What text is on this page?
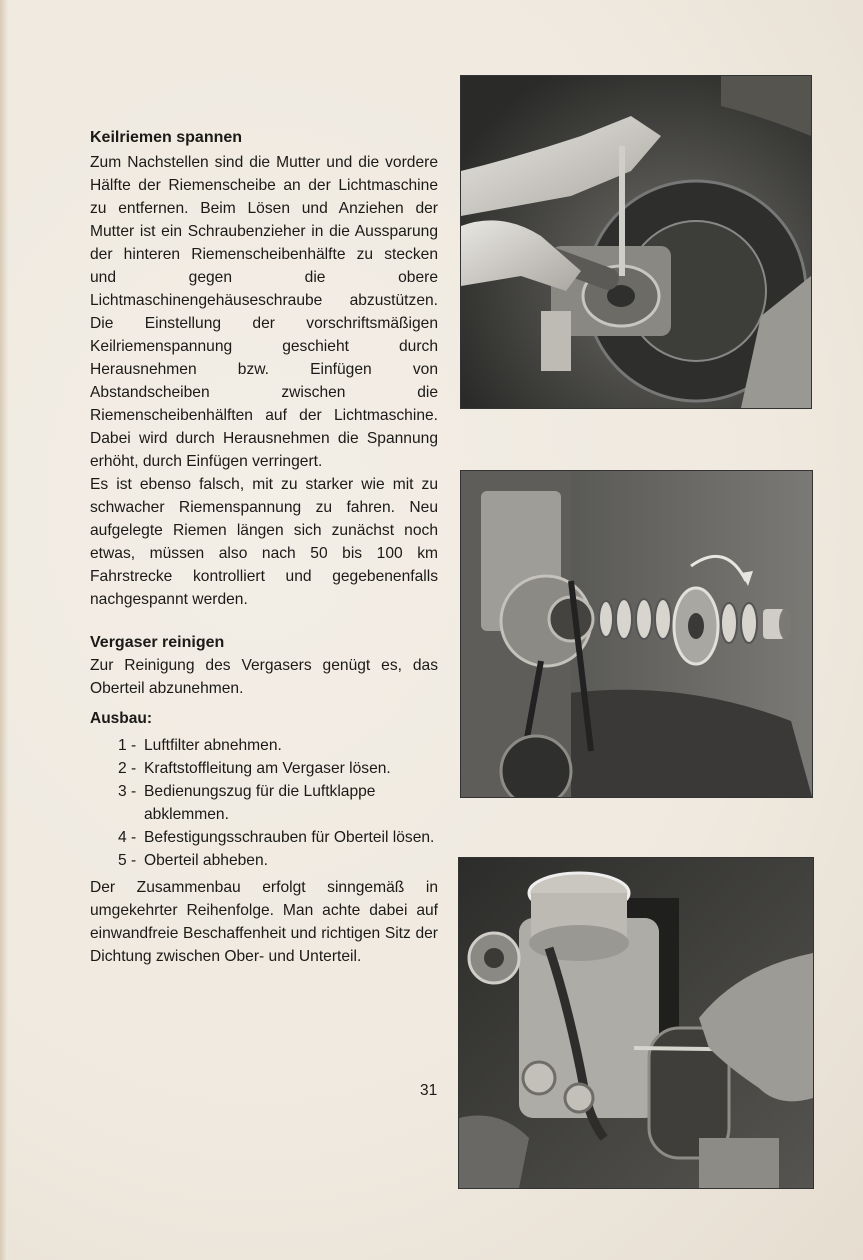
Keilriemen spannen

Zum Nachstellen sind die Mutter und die vordere Hälfte der Riemenscheibe an der Lichtmaschine zu entfernen. Beim Lösen und Anziehen der Mutter ist ein Schraubenzieher in die Aussparung der hinteren Riemenscheibenhälfte zu stecken und gegen die obere Lichtmaschinengehäuseschraube abzustützen. Die Einstellung der vorschriftsmäßigen Keilriemenspannung geschieht durch Herausnehmen bzw. Einfügen von Abstandscheiben zwischen die Riemenscheibenhälften auf der Lichtmaschine. Dabei wird durch Herausnehmen die Spannung erhöht, durch Einfügen verringert.

Es ist ebenso falsch, mit zu starker wie mit zu schwacher Riemenspannung zu fahren. Neu aufgelegte Riemen längen sich zunächst noch etwas, müssen also nach 50 bis 100 km Fahrstrecke kontrolliert und gegebenenfalls nachgespannt werden.

Vergaser reinigen

Zur Reinigung des Vergasers genügt es, das Oberteil abzunehmen.

Ausbau:
1 - Luftfilter abnehmen.
2 - Kraftstoffleitung am Vergaser lösen.
3 - Bedienungszug für die Luftklappe abklemmen.
4 - Befestigungsschrauben für Oberteil lösen.
5 - Oberteil abheben.

Der Zusammenbau erfolgt sinngemäß in umgekehrter Reihenfolge. Man achte dabei auf einwandfreie Beschaffenheit und richtigen Sitz der Dichtung zwischen Ober- und Unterteil.

31
